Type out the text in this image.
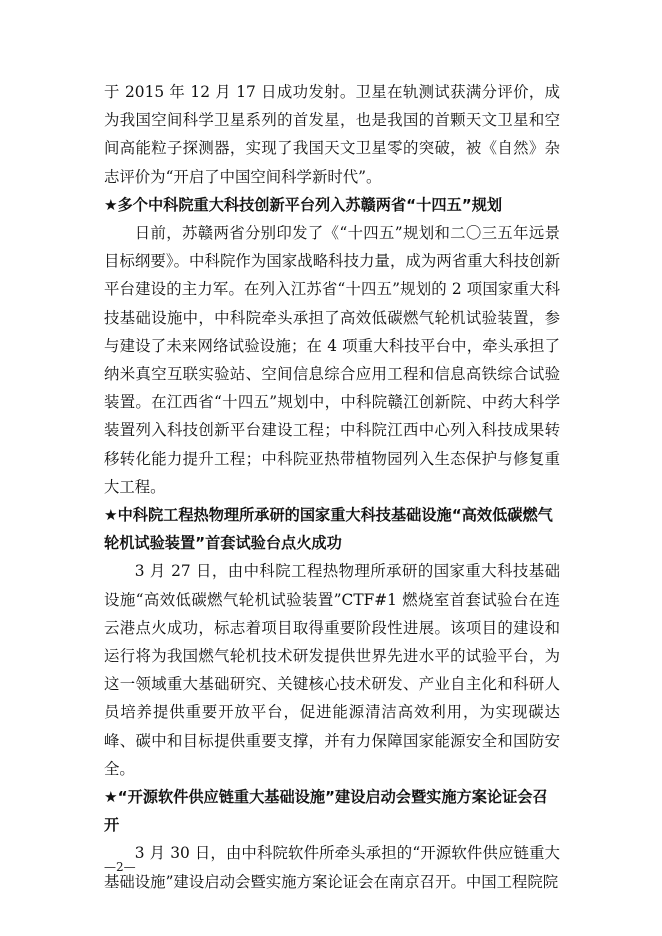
于 2015 年 12 月 17 日成功发射。卫星在轨测试获满分评价，成为我国空间科学卫星系列的首发星，也是我国的首颗天文卫星和空间高能粒子探测器，实现了我国天文卫星零的突破，被《自然》杂志评价为“开启了中国空间科学新时代”。

★多个中科院重大科技创新平台列入苏赣两省“十四五”规划

日前，苏赣两省分别印发了《“十四五”规划和二〇三五年远景目标纲要》。中科院作为国家战略科技力量，成为两省重大科技创新平台建设的主力军。在列入江苏省“十四五”规划的 2 项国家重大科技基础设施中，中科院牵头承担了高效低碳燃气轮机试验装置，参与建设了未来网络试验设施；在 4 项重大科技平台中，牵头承担了纳米真空互联实验站、空间信息综合应用工程和信息高铁综合试验装置。在江西省“十四五”规划中，中科院赣江创新院、中药大科学装置列入科技创新平台建设工程；中科院江西中心列入科技成果转移转化能力提升工程；中科院亚热带植物园列入生态保护与修复重大工程。

★中科院工程热物理所承研的国家重大科技基础设施“高效低碳燃气轮机试验装置”首套试验台点火成功

3 月 27 日，由中科院工程热物理所承研的国家重大科技基础设施“高效低碳燃气轮机试验装置”CTF#1 燃烧室首套试验台在连云港点火成功，标志着项目取得重要阶段性进展。该项目的建设和运行将为我国燃气轮机技术研发提供世界先进水平的试验平台，为这一领域重大基础研究、关键核心技术研发、产业自主化和科研人员培养提供重要开放平台，促进能源清洁高效利用，为实现碳达峰、碳中和目标提供重要支撑，并有力保障国家能源安全和国防安全。

★“开源软件供应链重大基础设施”建设启动会暨实施方案论证会召开

3 月 30 日，由中科院软件所牵头承担的“开源软件供应链重大基础设施”建设启动会暨实施方案论证会在南京召开。中国工程院院

—2—
